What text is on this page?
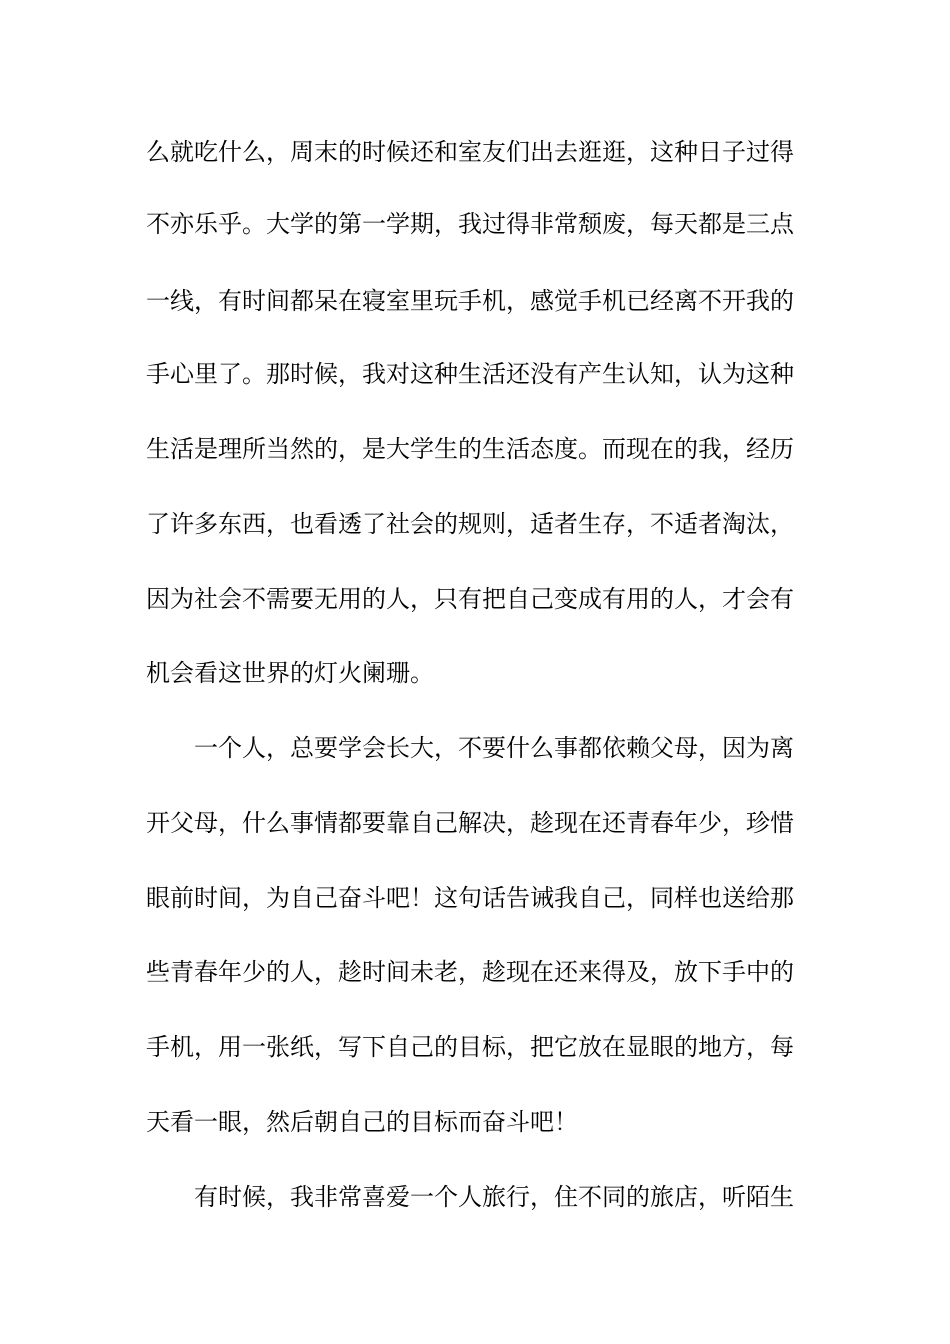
么就吃什么，周末的时候还和室友们出去逛逛，这种日子过得
不亦乐乎。大学的第一学期，我过得非常颓废，每天都是三点
一线，有时间都呆在寝室里玩手机，感觉手机已经离不开我的
手心里了。那时候，我对这种生活还没有产生认知，认为这种
生活是理所当然的，是大学生的生活态度。而现在的我，经历
了许多东西，也看透了社会的规则，适者生存，不适者淘汰，
因为社会不需要无用的人，只有把自己变成有用的人，才会有
机会看这世界的灯火阑珊。
一个人，总要学会长大，不要什么事都依赖父母，因为离
开父母，什么事情都要靠自己解决，趁现在还青春年少，珍惜
眼前时间，为自己奋斗吧！这句话告诫我自己，同样也送给那
些青春年少的人，趁时间未老，趁现在还来得及，放下手中的
手机，用一张纸，写下自己的目标，把它放在显眼的地方，每
天看一眼，然后朝自己的目标而奋斗吧！
有时候，我非常喜爱一个人旅行，住不同的旅店，听陌生
